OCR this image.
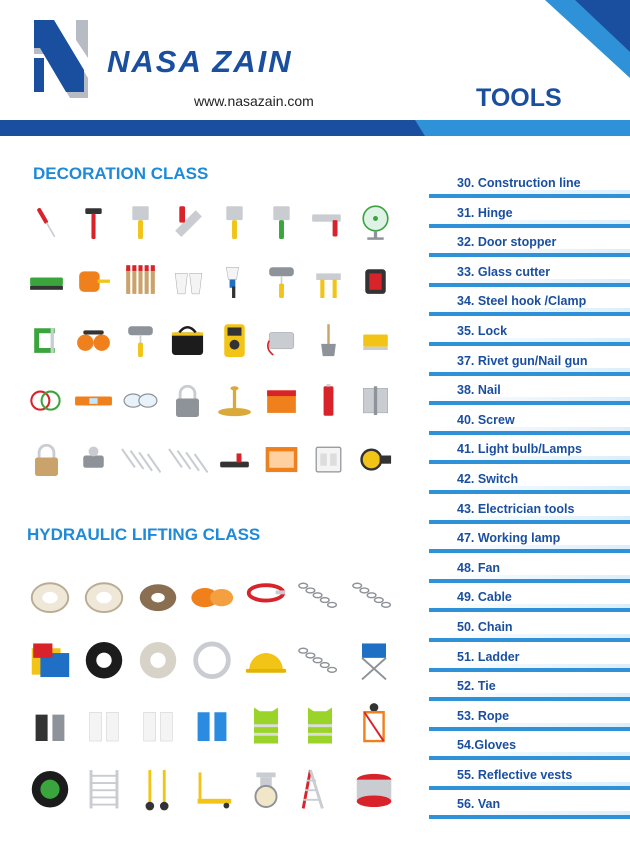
NASA ZAIN
www.nasazain.com	TOOLS
DECORATION CLASS
HYDRAULIC LIFTING CLASS
30. Construction line
31. Hinge
32. Door stopper
33. Glass cutter
34. Steel hook /Clamp
35. Lock
37. Rivet gun/Nail gun
38. Nail
40. Screw
41. Light bulb/Lamps
42. Switch
43. Electrician tools
47. Working lamp
48. Fan
49. Cable
50. Chain
51. Ladder
52. Tie
53. Rope
54.Gloves
55. Reflective vests
56. Van
